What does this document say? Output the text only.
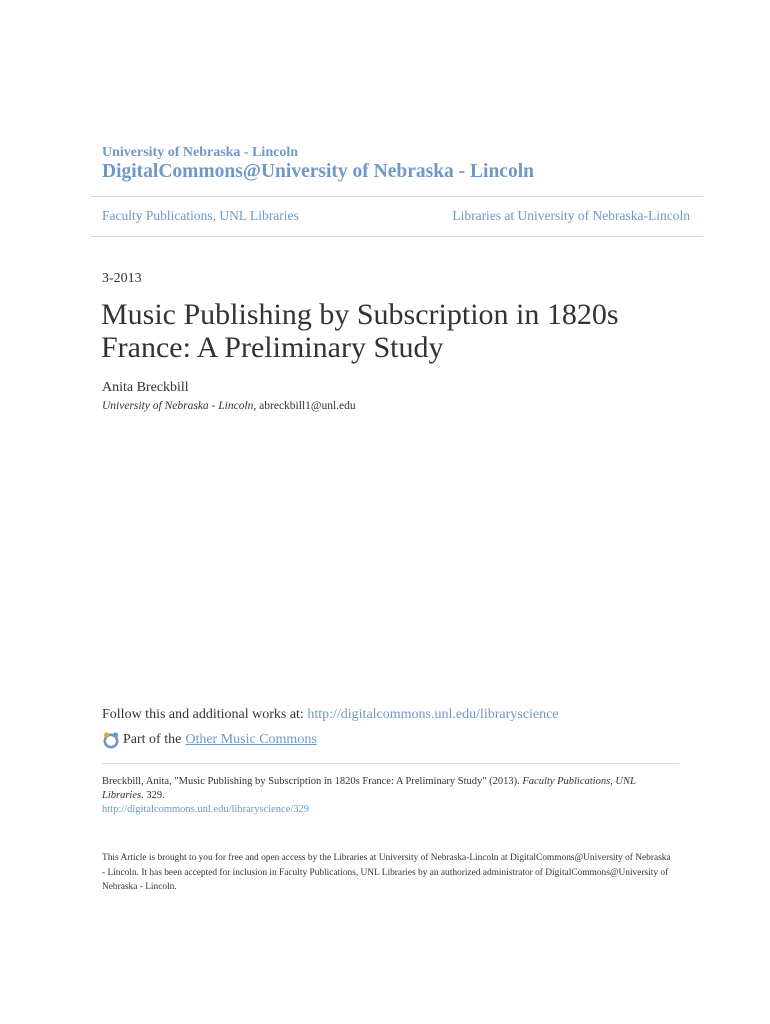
University of Nebraska - Lincoln
DigitalCommons@University of Nebraska - Lincoln
Faculty Publications, UNL Libraries	Libraries at University of Nebraska-Lincoln
3-2013
Music Publishing by Subscription in 1820s France: A Preliminary Study
Anita Breckbill
University of Nebraska - Lincoln, abreckbill1@unl.edu
Follow this and additional works at: http://digitalcommons.unl.edu/libraryscience
Part of the Other Music Commons
Breckbill, Anita, "Music Publishing by Subscription in 1820s France: A Preliminary Study" (2013). Faculty Publications, UNL Libraries. 329.
http://digitalcommons.unl.edu/libraryscience/329
This Article is brought to you for free and open access by the Libraries at University of Nebraska-Lincoln at DigitalCommons@University of Nebraska - Lincoln. It has been accepted for inclusion in Faculty Publications, UNL Libraries by an authorized administrator of DigitalCommons@University of Nebraska - Lincoln.
